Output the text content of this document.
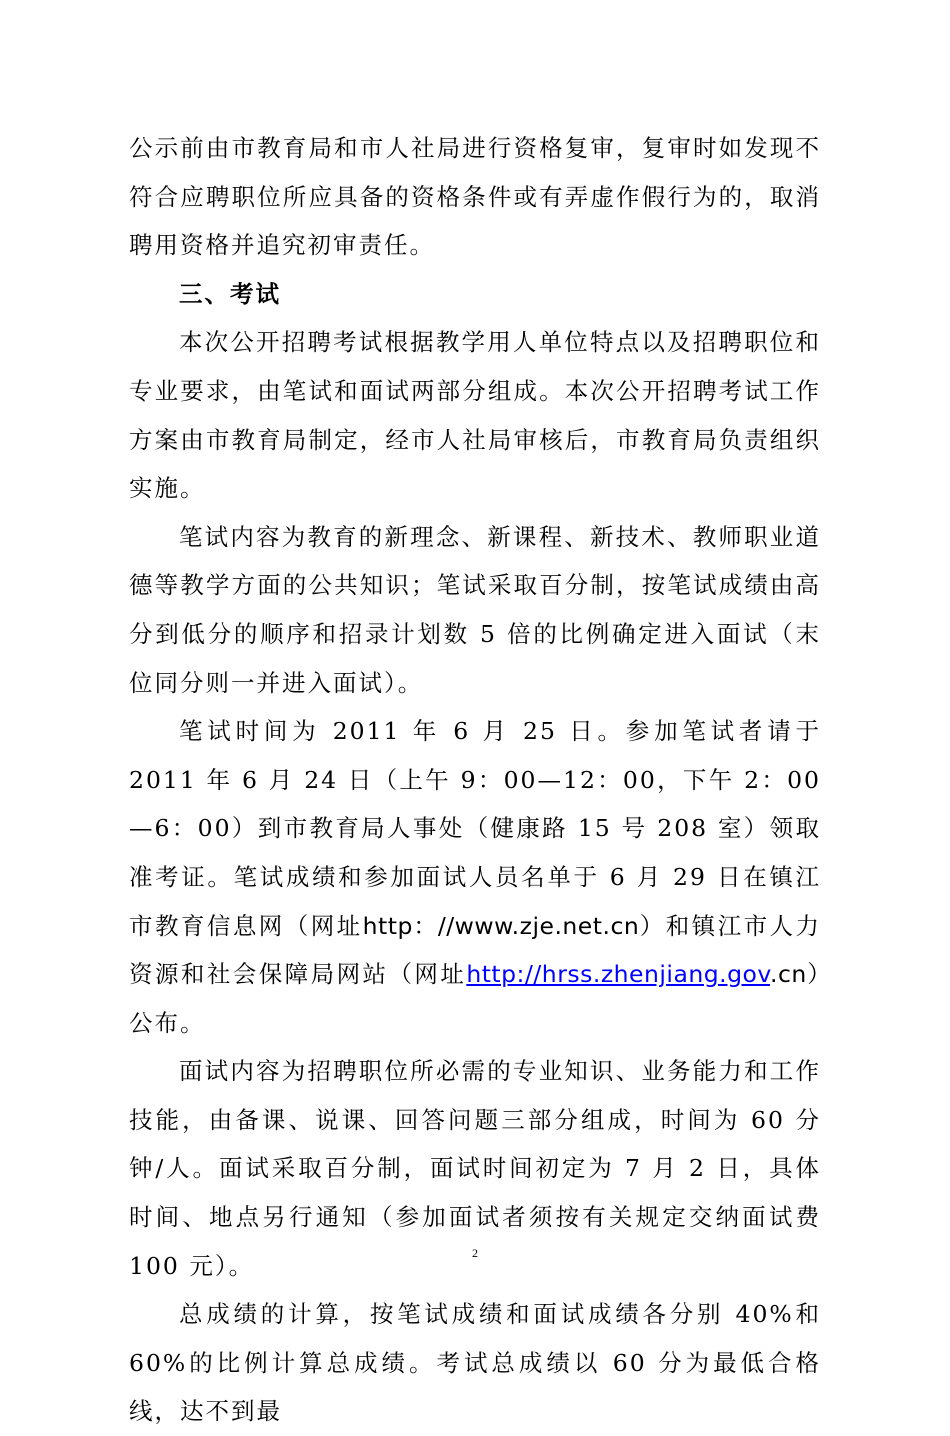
公示前由市教育局和市人社局进行资格复审，复审时如发现不符合应聘职位所应具备的资格条件或有弄虚作假行为的，取消聘用资格并追究初审责任。

三、考试

本次公开招聘考试根据教学用人单位特点以及招聘职位和专业要求，由笔试和面试两部分组成。本次公开招聘考试工作方案由市教育局制定，经市人社局审核后，市教育局负责组织实施。

笔试内容为教育的新理念、新课程、新技术、教师职业道德等教学方面的公共知识；笔试采取百分制，按笔试成绩由高分到低分的顺序和招录计划数 5 倍的比例确定进入面试（末位同分则一并进入面试）。

笔试时间为 2011 年 6 月 25 日。参加笔试者请于 2011 年 6 月 24 日（上午 9：00—12：00，下午 2：00—6：00）到市教育局人事处（健康路 15 号 208 室）领取准考证。笔试成绩和参加面试人员名单于 6 月 29 日在镇江市教育信息网（网址http：//www.zje.net.cn）和镇江市人力资源和社会保障局网站（网址http://hrss.zhenjiang.gov.cn）公布。

面试内容为招聘职位所必需的专业知识、业务能力和工作技能，由备课、说课、回答问题三部分组成，时间为 60 分钟/人。面试采取百分制，面试时间初定为 7 月 2 日，具体时间、地点另行通知（参加面试者须按有关规定交纳面试费 100 元）。

总成绩的计算，按笔试成绩和面试成绩各分别 40%和 60%的比例计算总成绩。考试总成绩以 60 分为最低合格线，达不到最

2
